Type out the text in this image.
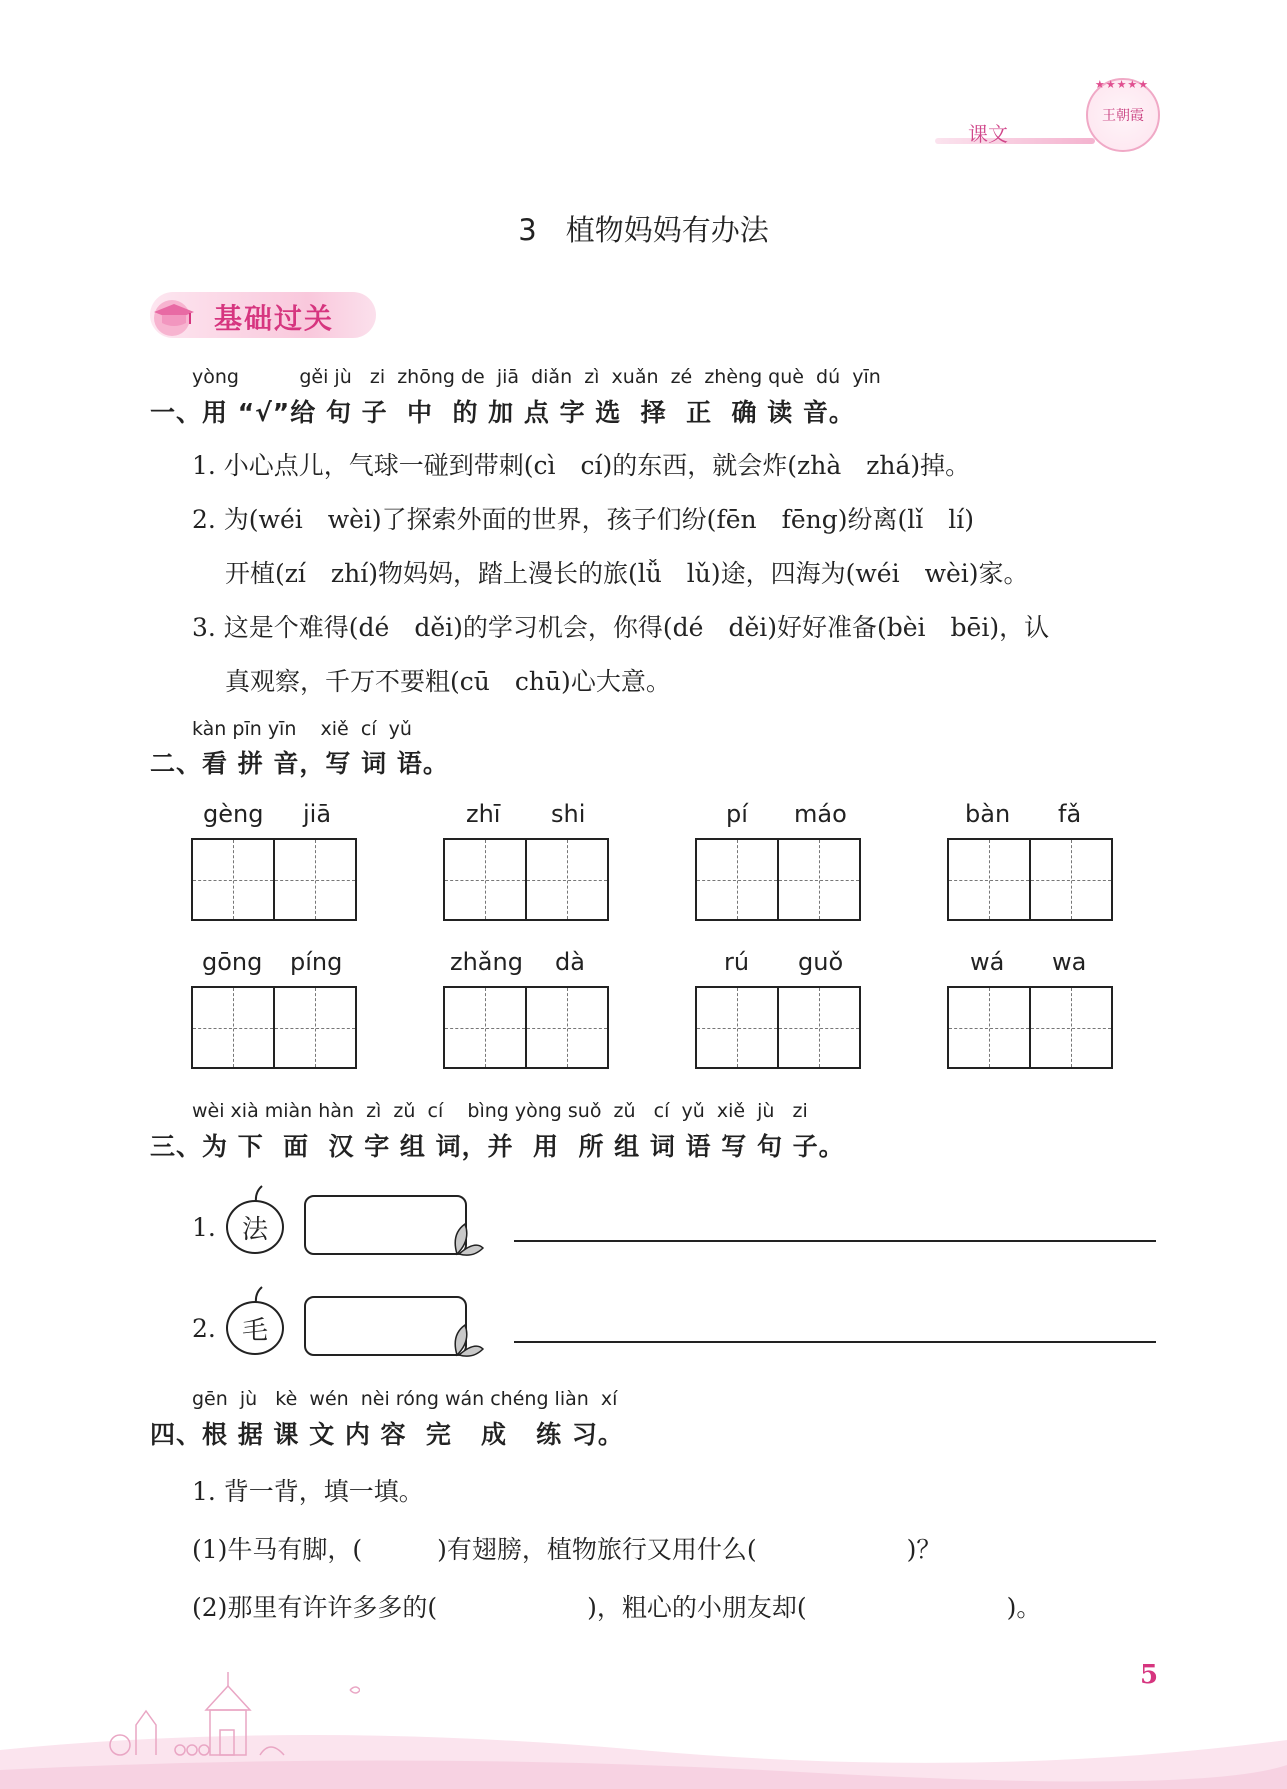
课文
王朝霞
★★★★★
3　植物妈妈有办法
基础过关
yòng          gěi jù   zi  zhōng de  jiā  diǎn  zì  xuǎn  zé  zhèng què  dú  yīn
一、用 “√”给 句 子  中  的 加 点 字 选  择  正  确 读 音。
1. 小心点儿，气球一碰到带刺(cì　cí)的东西，就会炸(zhà　zhá)掉。
2. 为(wéi　wèi)了探索外面的世界，孩子们纷(fēn　fēng)纷离(lǐ　lí)
开植(zí　zhí)物妈妈，踏上漫长的旅(lǚ　lǔ)途，四海为(wéi　wèi)家。
3. 这是个难得(dé　děi)的学习机会，你得(dé　děi)好好准备(bèi　bēi)，认
真观察，千万不要粗(cū　chū)心大意。
kàn pīn yīn    xiě  cí  yǔ
二、看 拼 音，写 词 语。
gèng jiā	zhī shi	pí máo	bàn fǎ
gōng píng	zhǎng dà	rú guǒ	wá wa
wèi xià miàn hàn  zì  zǔ  cí    bìng yòng suǒ  zǔ   cí  yǔ  xiě  jù   zi
三、为 下  面  汉 字 组 词，并  用  所 组 词 语 写 句 子。
1. 法
2. 毛
gēn  jù   kè  wén  nèi róng wán chéng liàn  xí
四、根 据 课 文 内 容  完   成   练 习。
1. 背一背，填一填。
(1)牛马有脚，(　　　)有翅膀，植物旅行又用什么(　　　　　　)？
(2)那里有许许多多的(　　　　　　)，粗心的小朋友却(　　　　　　　　)。
5
